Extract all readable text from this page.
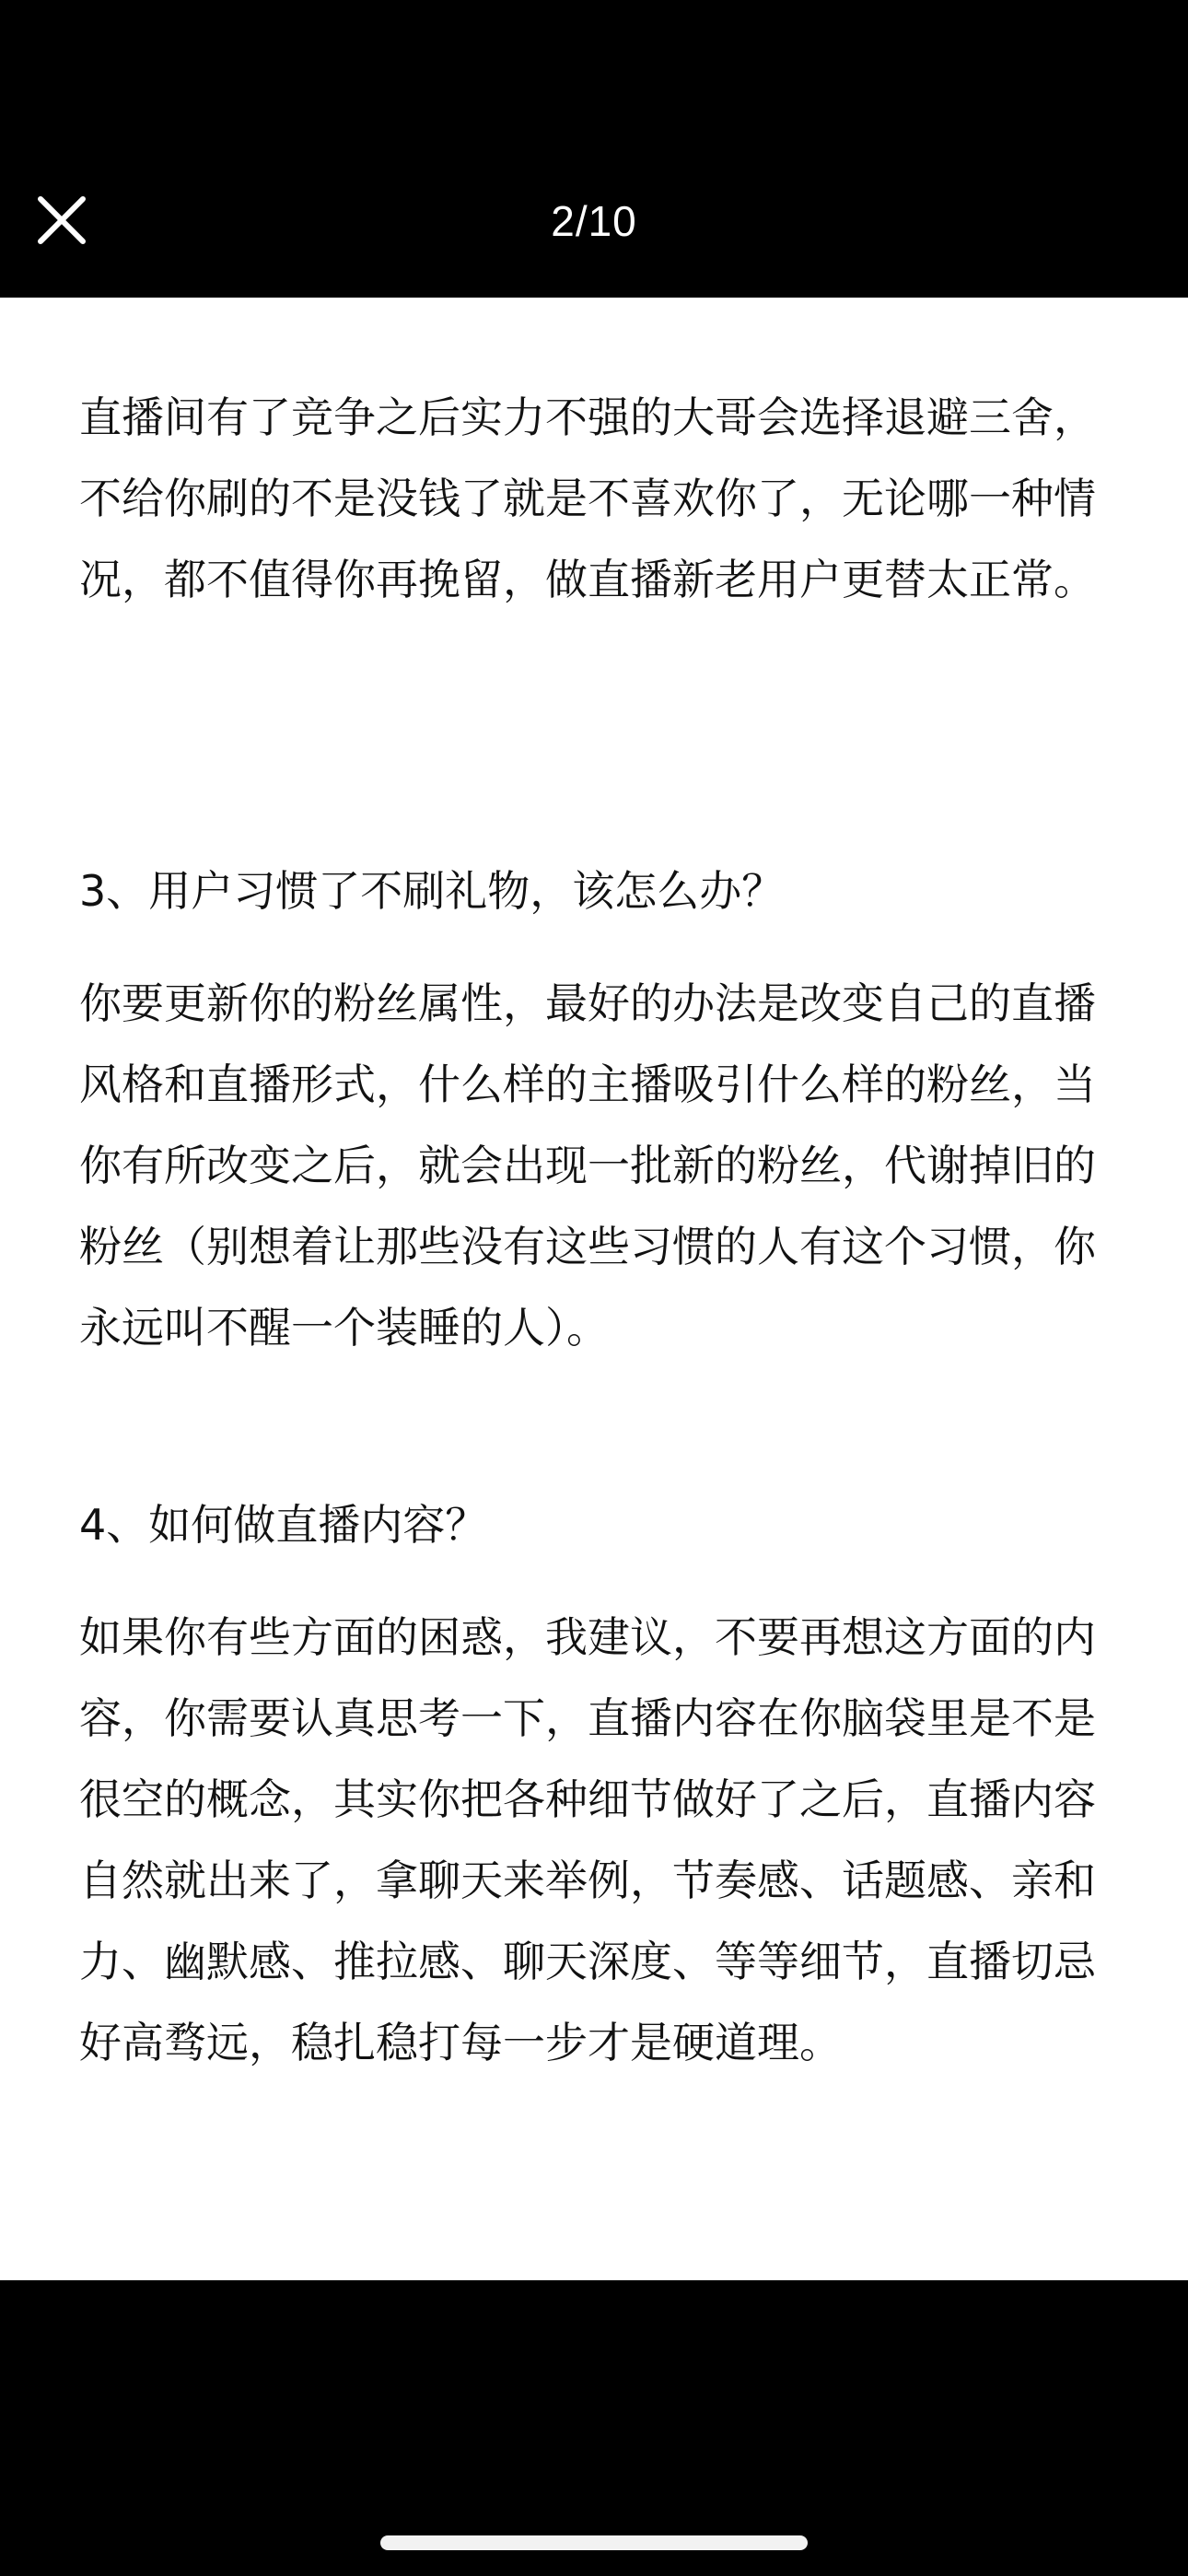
2/10

直播间有了竞争之后实力不强的大哥会选择退避三舍，不给你刷的不是没钱了就是不喜欢你了，无论哪一种情况，都不值得你再挽留，做直播新老用户更替太正常。

3、用户习惯了不刷礼物，该怎么办？

你要更新你的粉丝属性，最好的办法是改变自己的直播风格和直播形式，什么样的主播吸引什么样的粉丝，当你有所改变之后，就会出现一批新的粉丝，代谢掉旧的粉丝（别想着让那些没有这些习惯的人有这个习惯，你永远叫不醒一个装睡的人）。

4、如何做直播内容？

如果你有些方面的困惑，我建议，不要再想这方面的内容，你需要认真思考一下，直播内容在你脑袋里是不是很空的概念，其实你把各种细节做好了之后，直播内容自然就出来了，拿聊天来举例，节奏感、话题感、亲和力、幽默感、推拉感、聊天深度、等等细节，直播切忌好高骛远，稳扎稳打每一步才是硬道理。
